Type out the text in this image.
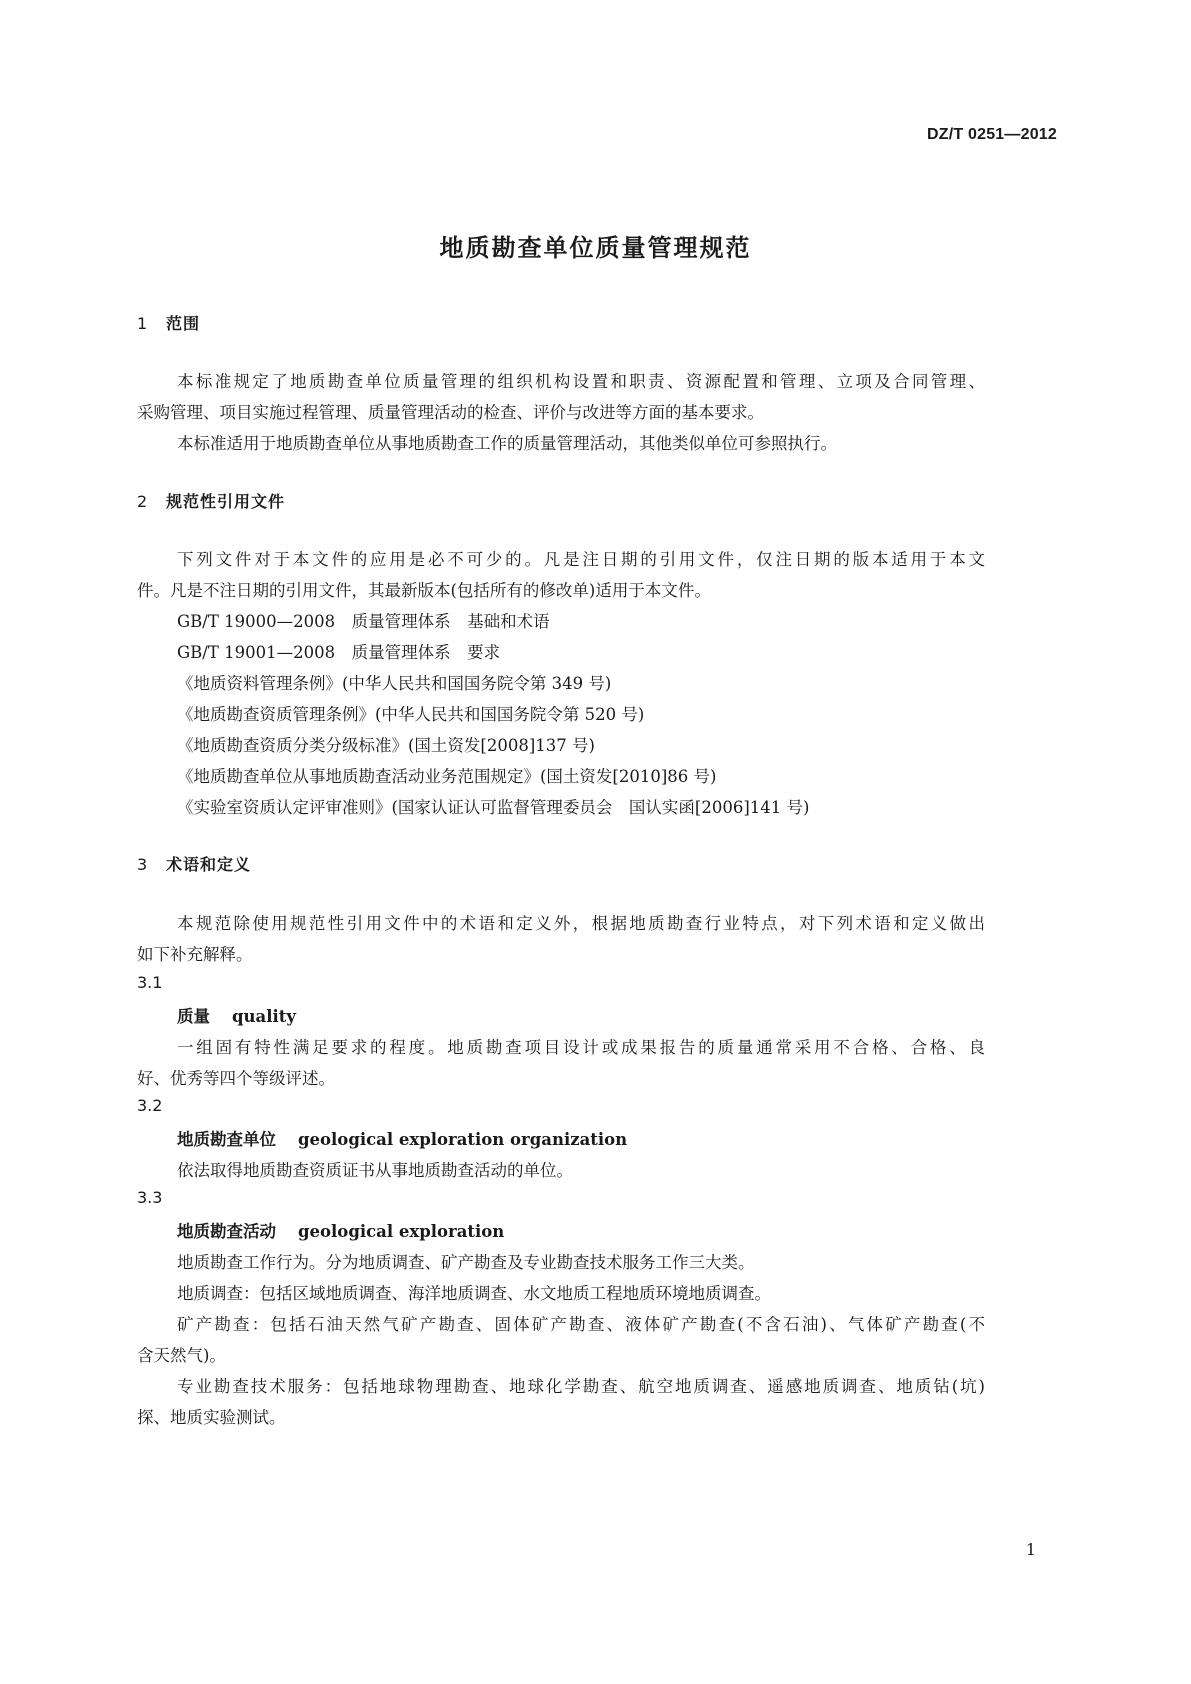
DZ/T 0251—2012
地质勘查单位质量管理规范
1 范围
本标准规定了地质勘查单位质量管理的组织机构设置和职责、资源配置和管理、立项及合同管理、
采购管理、项目实施过程管理、质量管理活动的检查、评价与改进等方面的基本要求。
本标准适用于地质勘查单位从事地质勘查工作的质量管理活动，其他类似单位可参照执行。
2 规范性引用文件
下列文件对于本文件的应用是必不可少的。凡是注日期的引用文件，仅注日期的版本适用于本文
件。凡是不注日期的引用文件，其最新版本(包括所有的修改单)适用于本文件。
GB/T 19000—2008　质量管理体系　基础和术语
GB/T 19001—2008　质量管理体系　要求
《地质资料管理条例》(中华人民共和国国务院令第 349 号)
《地质勘查资质管理条例》(中华人民共和国国务院令第 520 号)
《地质勘查资质分类分级标准》(国土资发[2008]137 号)
《地质勘查单位从事地质勘查活动业务范围规定》(国土资发[2010]86 号)
《实验室资质认定评审准则》(国家认证认可监督管理委员会　国认实函[2006]141 号)
3 术语和定义
本规范除使用规范性引用文件中的术语和定义外，根据地质勘查行业特点，对下列术语和定义做出
如下补充解释。
3.1
质量 quality
一组固有特性满足要求的程度。地质勘查项目设计或成果报告的质量通常采用不合格、合格、良
好、优秀等四个等级评述。
3.2
地质勘查单位 geological exploration organization
依法取得地质勘查资质证书从事地质勘查活动的单位。
3.3
地质勘查活动 geological exploration
地质勘查工作行为。分为地质调查、矿产勘查及专业勘查技术服务工作三大类。
地质调查：包括区域地质调查、海洋地质调查、水文地质工程地质环境地质调查。
矿产勘查：包括石油天然气矿产勘查、固体矿产勘查、液体矿产勘查(不含石油)、气体矿产勘查(不
含天然气)。
专业勘查技术服务：包括地球物理勘查、地球化学勘查、航空地质调查、遥感地质调查、地质钻(坑)
探、地质实验测试。
1
